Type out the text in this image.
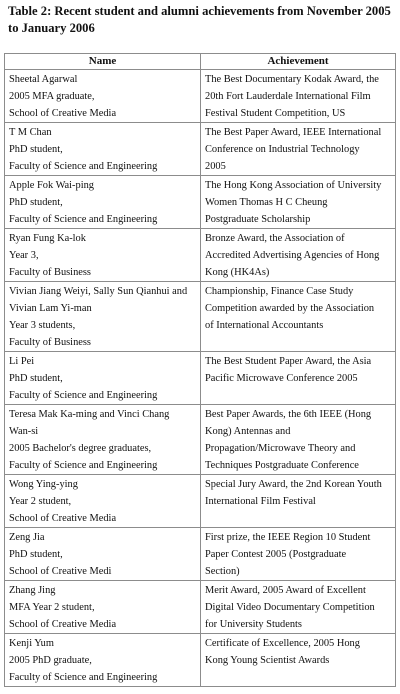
Table 2: Recent student and alumni achievements from November 2005 to January 2006
Name	Achievement

Sheetal Agarwal
2005 MFA graduate,
School of Creative Media	The Best Documentary Kodak Award, the
20th Fort Lauderdale International Film
Festival Student Competition, US

T M Chan
PhD student,
Faculty of Science and Engineering	The Best Paper Award, IEEE International
Conference on Industrial Technology
2005

Apple Fok Wai-ping
PhD student,
Faculty of Science and Engineering	The Hong Kong Association of University
Women Thomas H C Cheung
Postgraduate Scholarship

Ryan Fung Ka-lok
Year 3,
Faculty of Business	Bronze Award, the Association of
Accredited Advertising Agencies of Hong
Kong (HK4As)

Vivian Jiang Weiyi, Sally Sun Qianhui and
Vivian Lam Yi-man
Year 3 students,
Faculty of Business	Championship, Finance Case Study
Competition awarded by the Association
of International Accountants

Li Pei
PhD student,
Faculty of Science and Engineering	The Best Student Paper Award, the Asia
Pacific Microwave Conference 2005

Teresa Mak Ka-ming and Vinci Chang
Wan-si
2005 Bachelor's degree graduates,
Faculty of Science and Engineering	Best Paper Awards, the 6th IEEE (Hong
Kong) Antennas and
Propagation/Microwave Theory and
Techniques Postgraduate Conference

Wong Ying-ying
Year 2 student,
School of Creative Media	Special Jury Award, the 2nd Korean Youth
International Film Festival

Zeng Jia
PhD student,
School of Creative Medi	First prize, the IEEE Region 10 Student
Paper Contest 2005 (Postgraduate
Section)

Zhang Jing
MFA Year 2 student,
School of Creative Media	Merit Award, 2005 Award of Excellent
Digital Video Documentary Competition
for University Students

Kenji Yum
2005 PhD graduate,
Faculty of Science and Engineering	Certificate of Excellence, 2005 Hong
Kong Young Scientist Awards
